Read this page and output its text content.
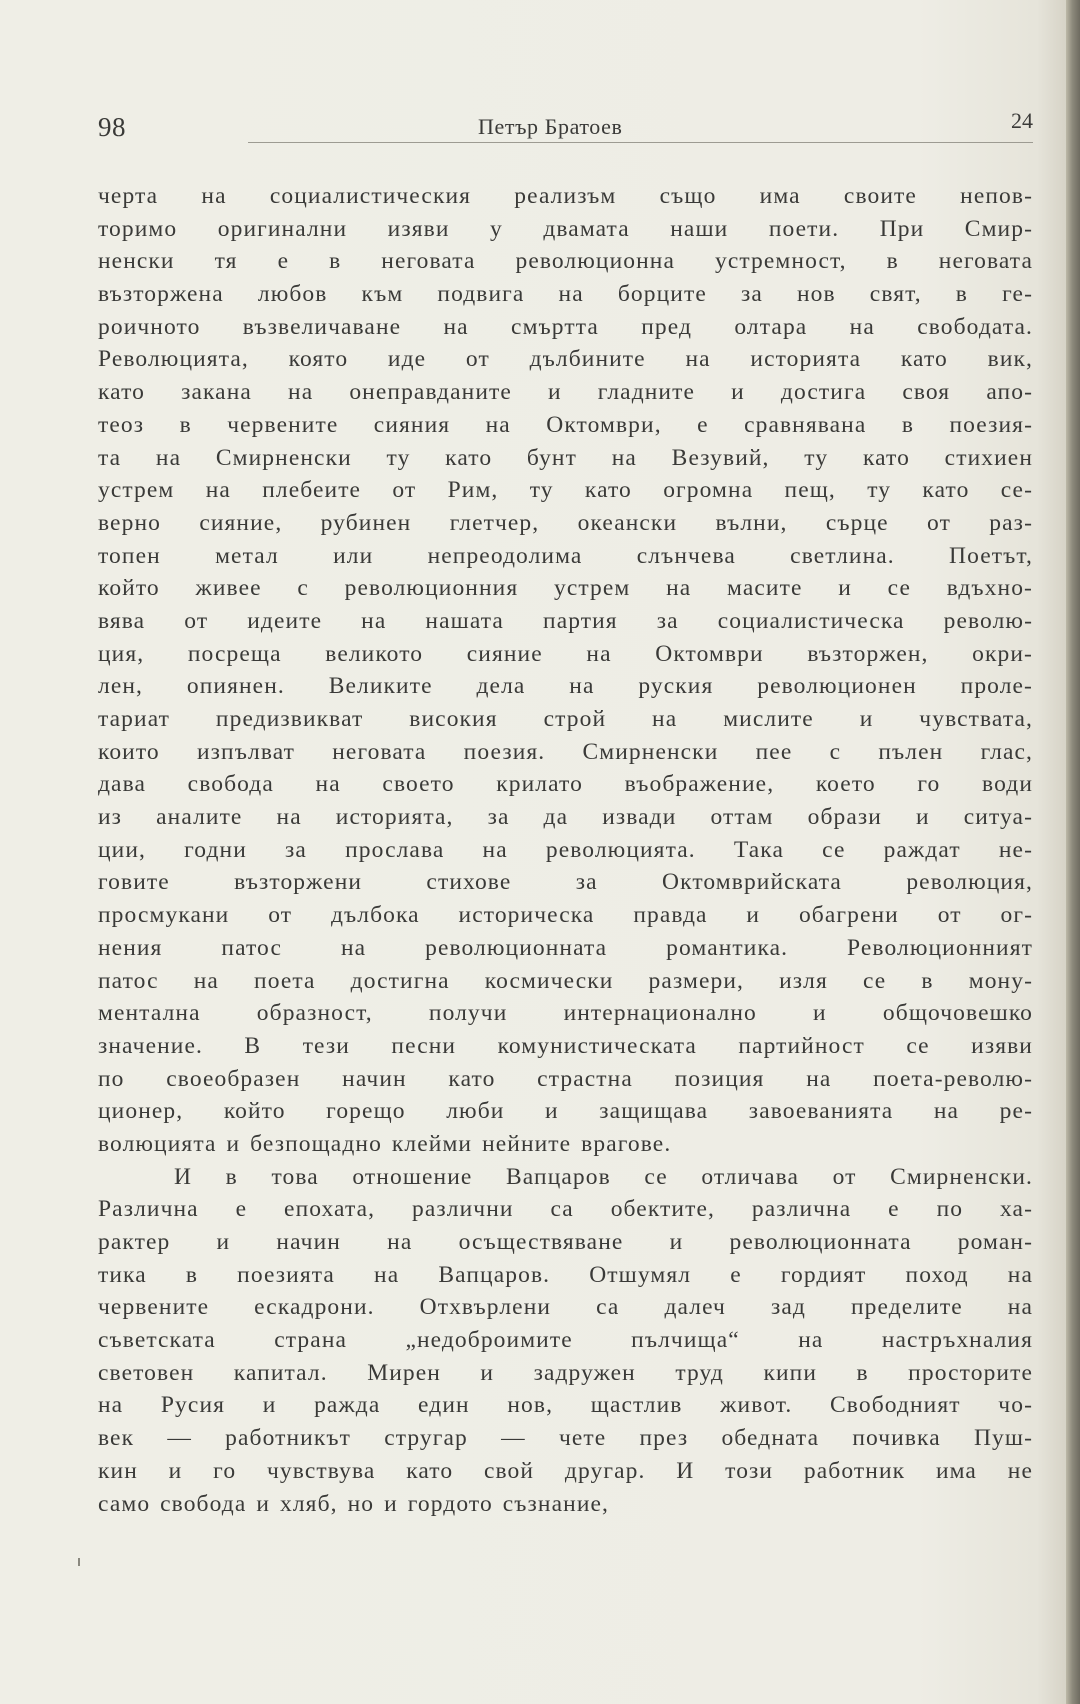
98	Петър Братоев	24
черта на социалистическия реализъм също има своите непов-
торимо оригинални изяви у двамата наши поети. При Смир-
ненски тя е в неговата революционна устремност, в неговата
възторжена любов към подвига на борците за нов свят, в ге-
роичното възвеличаване на смъртта пред олтара на свободата.
Революцията, която иде от дълбините на историята като вик,
като закана на онеправданите и гладните и достига своя апо-
теоз в червените сияния на Октомври, е сравнявана в поезия-
та на Смирненски ту като бунт на Везувий, ту като стихиен
устрем на плебеите от Рим, ту като огромна пещ, ту като се-
верно сияние, рубинен глетчер, океански вълни, сърце от раз-
топен метал или непреодолима слънчева светлина. Поетът,
който живее с революционния устрем на масите и се вдъхно-
вява от идеите на нашата партия за социалистическа револю-
ция, посреща великото сияние на Октомври възторжен, окри-
лен, опиянен. Великите дела на руския революционен проле-
тариат предизвикват високия строй на мислите и чувствата,
които изпълват неговата поезия. Смирненски пее с пълен глас,
дава свобода на своето крилато въображение, което го води
из аналите на историята, за да извади оттам образи и ситуа-
ции, годни за прослава на революцията. Така се раждат не-
говите възторжени стихове за Октомврийската революция,
просмукани от дълбока историческа правда и обагрени от ог-
нения патос на революционната романтика. Революционният
патос на поета достигна космически размери, изля се в мону-
ментална образност, получи интернационално и общочовешко
значение. В тези песни комунистическата партийност се изяви
по своеобразен начин като страстна позиция на поета-револю-
ционер, който горещо люби и защищава завоеванията на ре-
волюцията и безпощадно клейми нейните врагове.
И в това отношение Вапцаров се отличава от Смирненски.
Различна е епохата, различни са обектите, различна е по ха-
рактер и начин на осъществяване и революционната роман-
тика в поезията на Вапцаров. Отшумял е гордият поход на
червените ескадрони. Отхвърлени са далеч зад пределите на
съветската страна „недоброимите пълчища“ на настръхналия
световен капитал. Мирен и задружен труд кипи в просторите
на Русия и ражда един нов, щастлив живот. Свободният чо-
век — работникът стругар — чете през обедната почивка Пуш-
кин и го чувствува като свой другар. И този работник има не
само свобода и хляб, но и гордото съзнание,
